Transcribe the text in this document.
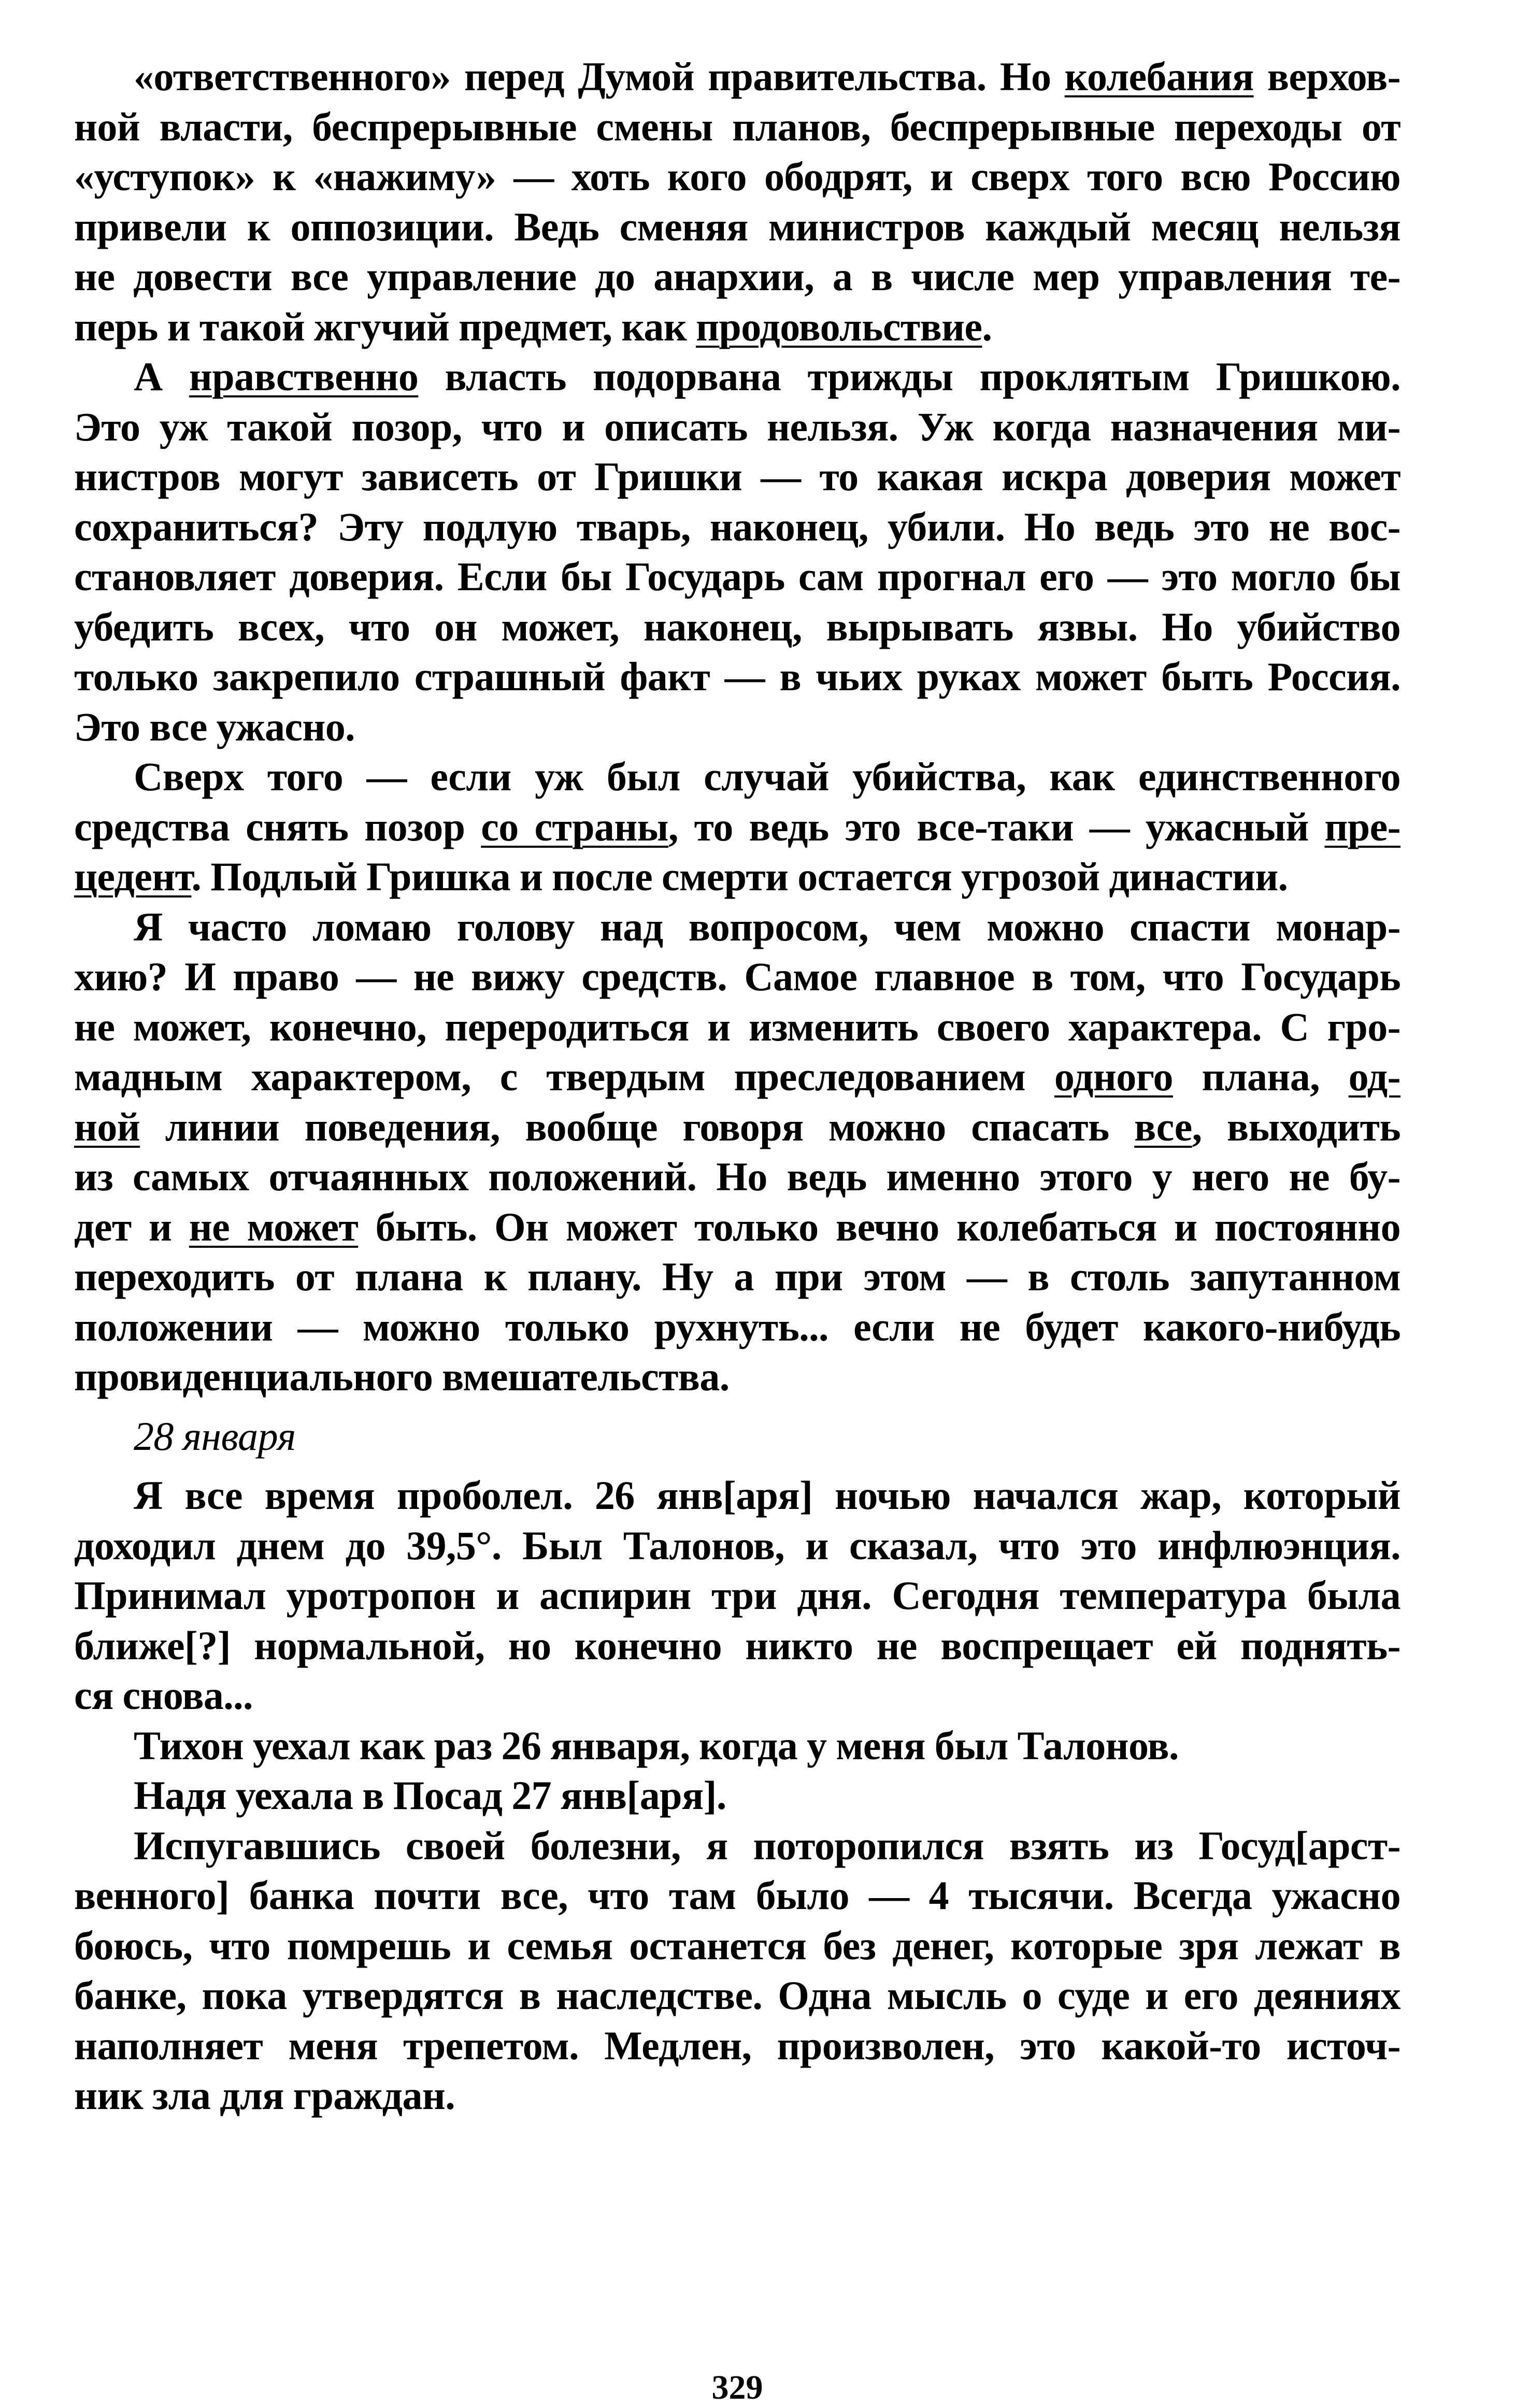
«ответственного» перед Думой правительства. Но колебания верхов-
ной власти, беспрерывные смены планов, беспрерывные переходы от
«уступок» к «нажиму» — хоть кого ободрят, и сверх того всю Россию
привели к оппозиции. Ведь сменяя министров каждый месяц нельзя
не довести все управление до анархии, а в числе мер управления те-
перь и такой жгучий предмет, как продовольствие.
А нравственно власть подорвана трижды проклятым Гришкою.
Это уж такой позор, что и описать нельзя. Уж когда назначения ми-
нистров могут зависеть от Гришки — то какая искра доверия может
сохраниться? Эту подлую тварь, наконец, убили. Но ведь это не вос-
становляет доверия. Если бы Государь сам прогнал его — это могло бы
убедить всех, что он может, наконец, вырывать язвы. Но убийство
только закрепило страшный факт — в чьих руках может быть Россия.
Это все ужасно.
Сверх того — если уж был случай убийства, как единственного
средства снять позор со страны, то ведь это все-таки — ужасный пре-
цедент. Подлый Гришка и после смерти остается угрозой династии.
Я часто ломаю голову над вопросом, чем можно спасти монар-
хию? И право — не вижу средств. Самое главное в том, что Государь
не может, конечно, переродиться и изменить своего характера. С гро-
мадным характером, с твердым преследованием одного плана, од-
ной линии поведения, вообще говоря можно спасать все, выходить
из самых отчаянных положений. Но ведь именно этого у него не бу-
дет и не может быть. Он может только вечно колебаться и постоянно
переходить от плана к плану. Ну а при этом — в столь запутанном
положении — можно только рухнуть... если не будет какого-нибудь
провиденциального вмешательства.
28 января
Я все время проболел. 26 янв[аря] ночью начался жар, который
доходил днем до 39,5°. Был Талонов, и сказал, что это инфлюэнция.
Принимал уротропон и аспирин три дня. Сегодня температура была
ближе[?] нормальной, но конечно никто не воспрещает ей поднять-
ся снова...
Тихон уехал как раз 26 января, когда у меня был Талонов.
Надя уехала в Посад 27 янв[аря].
Испугавшись своей болезни, я поторопился взять из Госуд[арст-
венного] банка почти все, что там было — 4 тысячи. Всегда ужасно
боюсь, что помрешь и семья останется без денег, которые зря лежат в
банке, пока утвердятся в наследстве. Одна мысль о суде и его деяниях
наполняет меня трепетом. Медлен, произволен, это какой-то источ-
ник зла для граждан.
329
